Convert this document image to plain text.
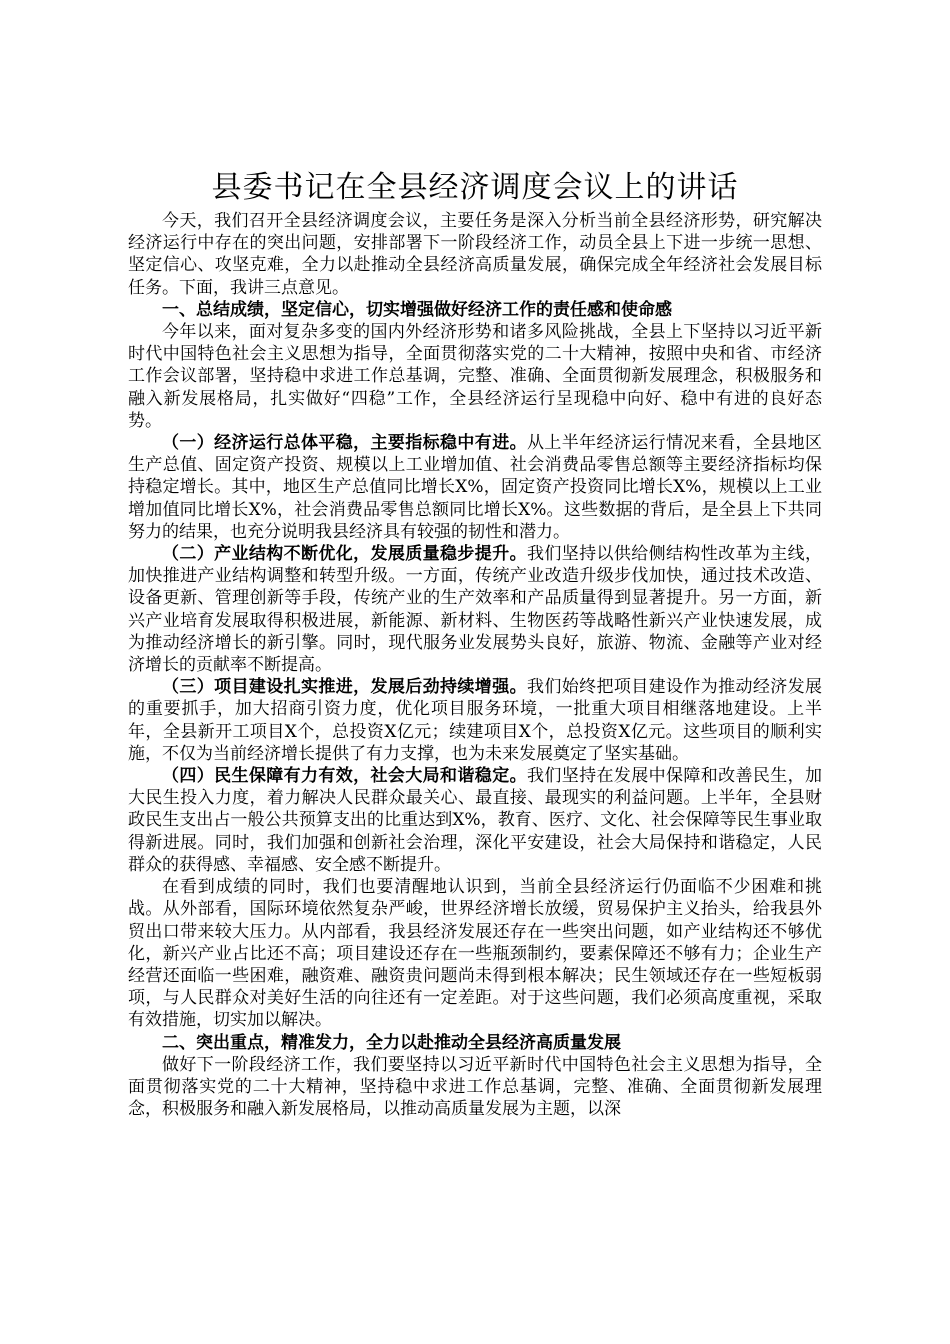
县委书记在全县经济调度会议上的讲话

今天，我们召开全县经济调度会议，主要任务是深入分析当前全县经济形势，研究解决经济运行中存在的突出问题，安排部署下一阶段经济工作，动员全县上下进一步统一思想、坚定信心、攻坚克难，全力以赴推动全县经济高质量发展，确保完成全年经济社会发展目标任务。下面，我讲三点意见。

一、总结成绩，坚定信心，切实增强做好经济工作的责任感和使命感

今年以来，面对复杂多变的国内外经济形势和诸多风险挑战，全县上下坚持以习近平新时代中国特色社会主义思想为指导，全面贯彻落实党的二十大精神，按照中央和省、市经济工作会议部署，坚持稳中求进工作总基调，完整、准确、全面贯彻新发展理念，积极服务和融入新发展格局，扎实做好“四稳”工作，全县经济运行呈现稳中向好、稳中有进的良好态势。

（一）经济运行总体平稳，主要指标稳中有进。从上半年经济运行情况来看，全县地区生产总值、固定资产投资、规模以上工业增加值、社会消费品零售总额等主要经济指标均保持稳定增长。其中，地区生产总值同比增长X%，固定资产投资同比增长X%，规模以上工业增加值同比增长X%，社会消费品零售总额同比增长X%。这些数据的背后，是全县上下共同努力的结果，也充分说明我县经济具有较强的韧性和潜力。

（二）产业结构不断优化，发展质量稳步提升。我们坚持以供给侧结构性改革为主线，加快推进产业结构调整和转型升级。一方面，传统产业改造升级步伐加快，通过技术改造、设备更新、管理创新等手段，传统产业的生产效率和产品质量得到显著提升。另一方面，新兴产业培育发展取得积极进展，新能源、新材料、生物医药等战略性新兴产业快速发展，成为推动经济增长的新引擎。同时，现代服务业发展势头良好，旅游、物流、金融等产业对经济增长的贡献率不断提高。

（三）项目建设扎实推进，发展后劲持续增强。我们始终把项目建设作为推动经济发展的重要抓手，加大招商引资力度，优化项目服务环境，一批重大项目相继落地建设。上半年，全县新开工项目X个，总投资X亿元；续建项目X个，总投资X亿元。这些项目的顺利实施，不仅为当前经济增长提供了有力支撑，也为未来发展奠定了坚实基础。

（四）民生保障有力有效，社会大局和谐稳定。我们坚持在发展中保障和改善民生，加大民生投入力度，着力解决人民群众最关心、最直接、最现实的利益问题。上半年，全县财政民生支出占一般公共预算支出的比重达到X%，教育、医疗、文化、社会保障等民生事业取得新进展。同时，我们加强和创新社会治理，深化平安建设，社会大局保持和谐稳定，人民群众的获得感、幸福感、安全感不断提升。

在看到成绩的同时，我们也要清醒地认识到，当前全县经济运行仍面临不少困难和挑战。从外部看，国际环境依然复杂严峻，世界经济增长放缓，贸易保护主义抬头，给我县外贸出口带来较大压力。从内部看，我县经济发展还存在一些突出问题，如产业结构还不够优化，新兴产业占比还不高；项目建设还存在一些瓶颈制约，要素保障还不够有力；企业生产经营还面临一些困难，融资难、融资贵问题尚未得到根本解决；民生领域还存在一些短板弱项，与人民群众对美好生活的向往还有一定差距。对于这些问题，我们必须高度重视，采取有效措施，切实加以解决。

二、突出重点，精准发力，全力以赴推动全县经济高质量发展

做好下一阶段经济工作，我们要坚持以习近平新时代中国特色社会主义思想为指导，全面贯彻落实党的二十大精神，坚持稳中求进工作总基调，完整、准确、全面贯彻新发展理念，积极服务和融入新发展格局，以推动高质量发展为主题，以深
